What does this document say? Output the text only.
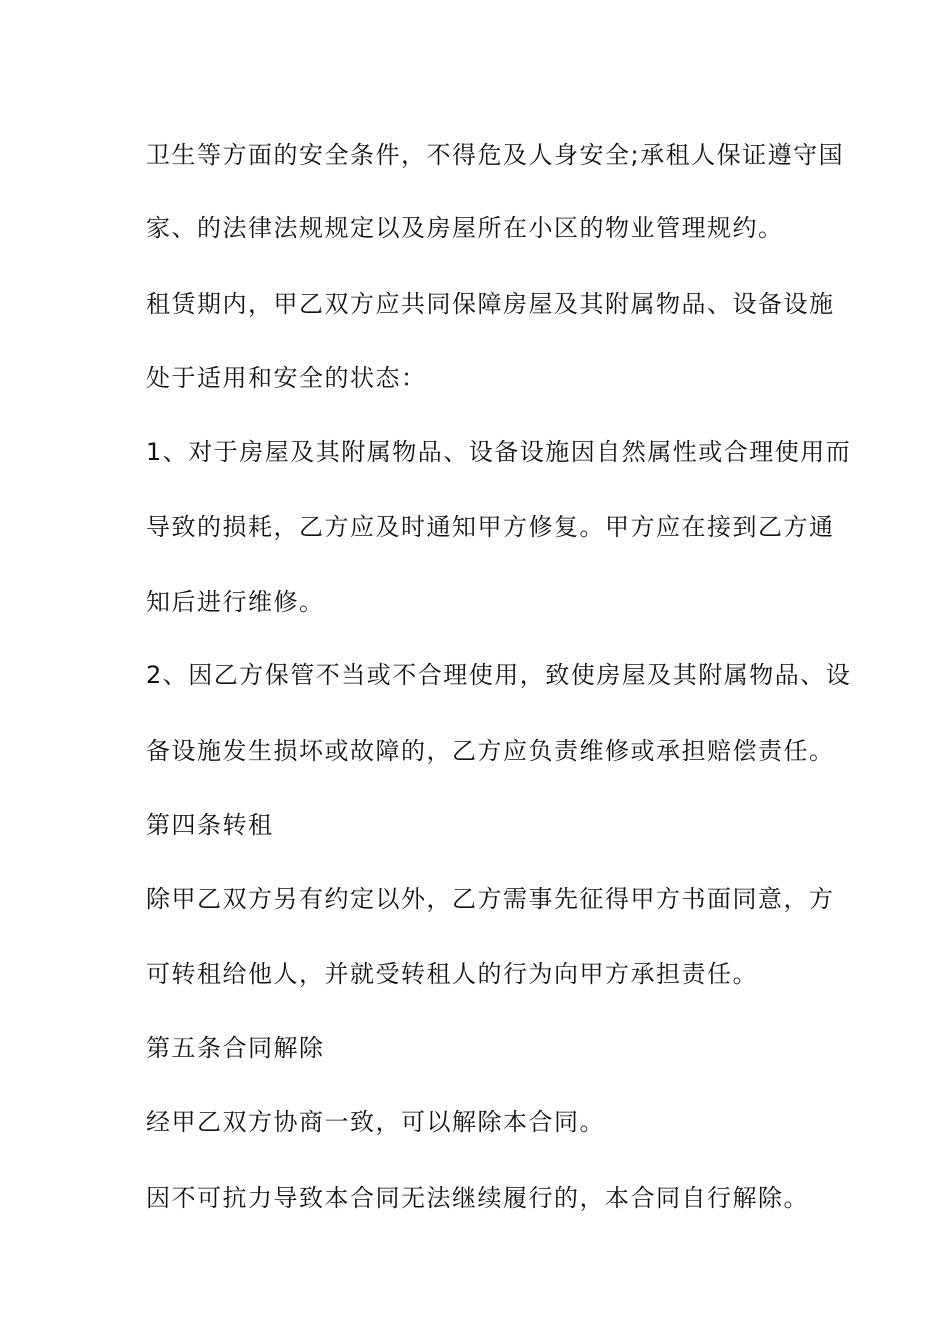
卫生等方面的安全条件，不得危及人身安全;承租人保证遵守国
家、的法律法规规定以及房屋所在小区的物业管理规约。
租赁期内，甲乙双方应共同保障房屋及其附属物品、设备设施
处于适用和安全的状态：
1、对于房屋及其附属物品、设备设施因自然属性或合理使用而
导致的损耗，乙方应及时通知甲方修复。甲方应在接到乙方通
知后进行维修。
2、因乙方保管不当或不合理使用，致使房屋及其附属物品、设
备设施发生损坏或故障的，乙方应负责维修或承担赔偿责任。
第四条转租
除甲乙双方另有约定以外，乙方需事先征得甲方书面同意，方
可转租给他人，并就受转租人的行为向甲方承担责任。
第五条合同解除
经甲乙双方协商一致，可以解除本合同。
因不可抗力导致本合同无法继续履行的，本合同自行解除。
